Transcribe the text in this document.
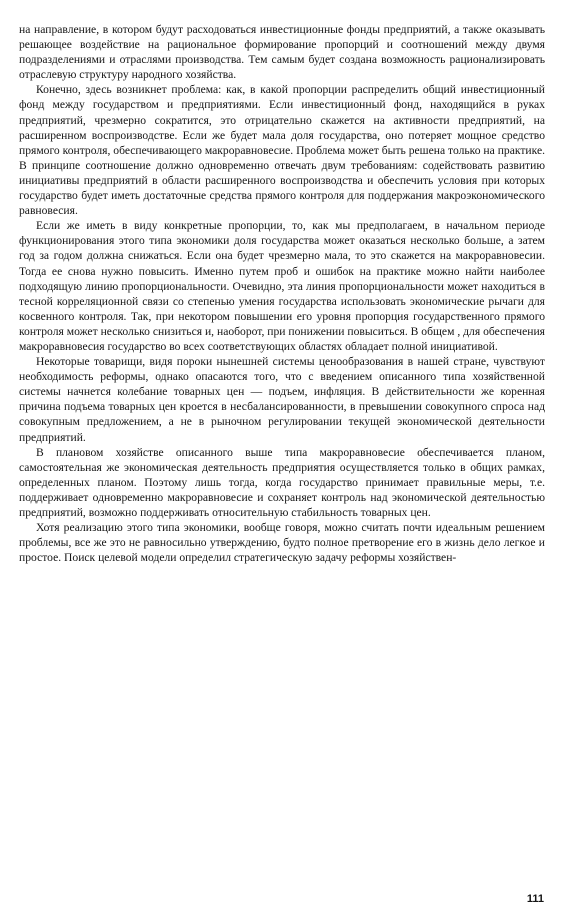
на направление, в котором будут расходоваться инвестиционные фонды предприятий, а также оказывать решающее воздействие на рациональное формирование пропорций и соотношений между двумя подразделениями и отраслями производства. Тем самым будет создана возможность рационализировать отраслевую структуру народного хозяйства.

Конечно, здесь возникнет проблема: как, в какой пропорции распределить общий инвестиционный фонд между государством и предприятиями. Если инвестиционный фонд, находящийся в руках предприятий, чрезмерно сократится, это отрицательно скажется на активности предприятий, на расширенном воспроизводстве. Если же будет мала доля государства, оно потеряет мощное средство прямого контроля, обеспечивающего макроравновесие. Проблема может быть решена только на практике. В принципе соотношение должно одновременно отвечать двум требованиям: содействовать развитию инициативы предприятий в области расширенного воспроизводства и обеспечить условия при которых государство будет иметь достаточные средства прямого контроля для поддержания макроэкономического равновесия.

Если же иметь в виду конкретные пропорции, то, как мы предполагаем, в начальном периоде функционирования этого типа экономики доля государства может оказаться несколько больше, а затем год за годом должна снижаться. Если она будет чрезмерно мала, то это скажется на макроравновесии. Тогда ее снова нужно повысить. Именно путем проб и ошибок на практике можно найти наиболее подходящую линию пропорциональности. Очевидно, эта линия пропорциональности может находиться в тесной корреляционной связи со степенью умения государства использовать экономические рычаги для косвенного контроля. Так, при некотором повышении его уровня пропорция государственного прямого контроля может несколько снизиться и, наоборот, при понижении повыситься. В общем , для обеспечения макроравновесия государство во всех соответствующих областях обладает полной инициативой.

Некоторые товарищи, видя пороки нынешней системы ценообразования в нашей стране, чувствуют необходимость реформы, однако опасаются того, что с введением описанного типа хозяйственной системы начнется колебание товарных цен — подъем, инфляция. В действительности же коренная причина подъема товарных цен кроется в несбалансированности, в превышении совокупного спроса над совокупным предложением, а не в рыночном регулировании текущей экономической деятельности предприятий.

В плановом хозяйстве описанного выше типа макроравновесие обеспечивается планом, самостоятельная же экономическая деятельность предприятия осуществляется только в общих рамках, определенных планом. Поэтому лишь тогда, когда государство принимает правильные меры, т.е. поддерживает одновременно макроравновесие и сохраняет контроль над экономической деятельностью предприятий, возможно поддерживать относительную стабильность товарных цен.

Хотя реализацию этого типа экономики, вообще говоря, можно считать почти идеальным решением проблемы, все же это не равносильно утверждению, будто полное претворение его в жизнь дело легкое и простое. Поиск целевой модели определил стратегическую задачу реформы хозяйствен-

111
